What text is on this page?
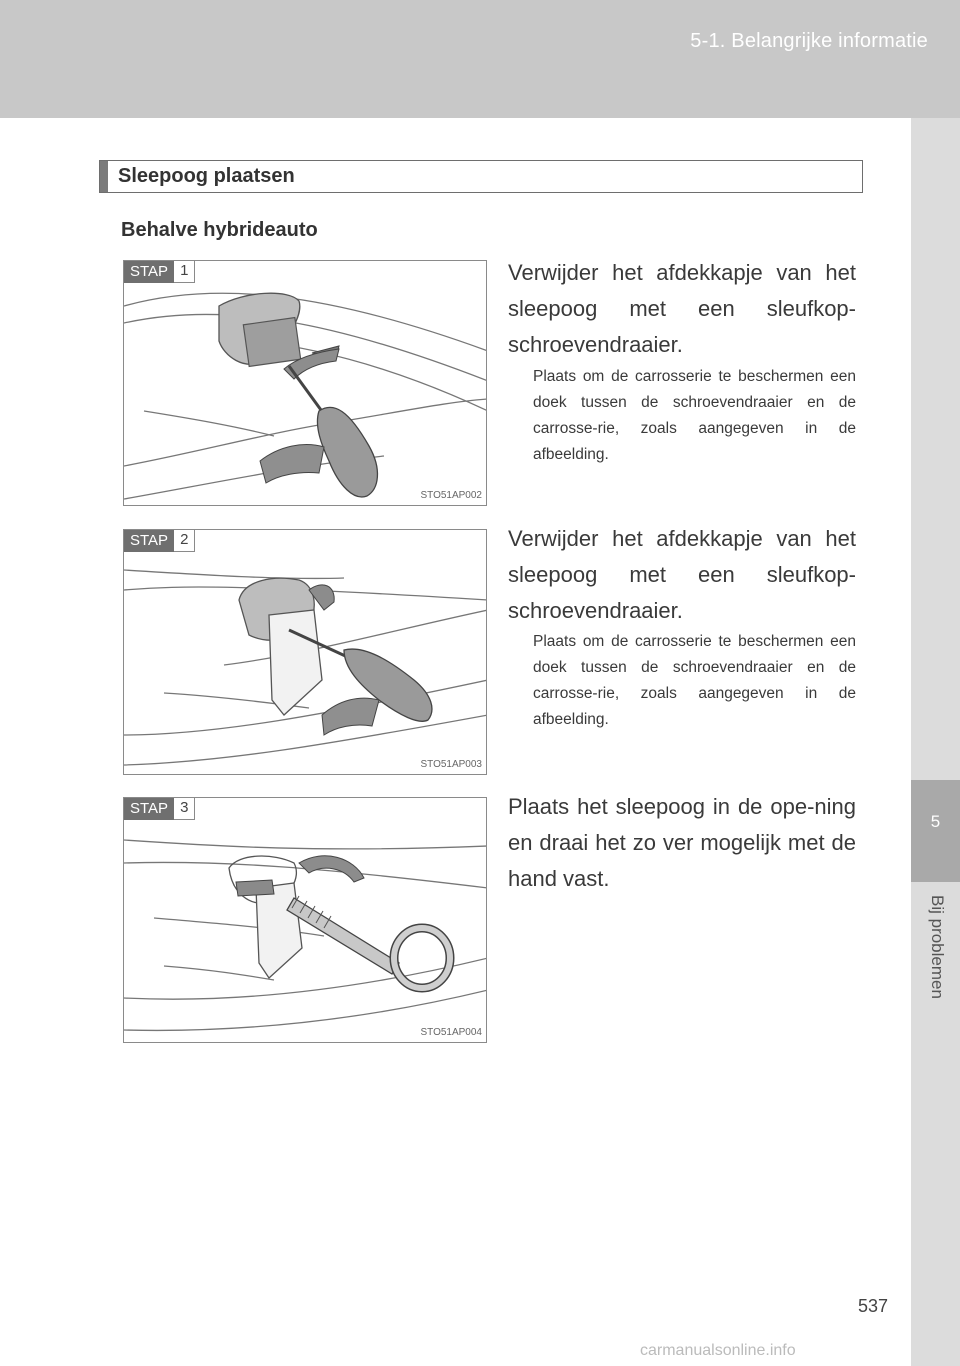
5-1. Belangrijke informatie
5
Bij problemen
Sleepoog plaatsen
Behalve hybrideauto
STAP 1
STO51AP002
Verwijder het afdekkapje van het sleepoog met een sleufkop-schroevendraaier.
Plaats om de carrosserie te beschermen een doek tussen de schroevendraaier en de carrosse-rie, zoals aangegeven in de afbeelding.
STAP 2
STO51AP003
Verwijder het afdekkapje van het sleepoog met een sleufkop-schroevendraaier.
Plaats om de carrosserie te beschermen een doek tussen de schroevendraaier en de carrosse-rie, zoals aangegeven in de afbeelding.
STAP 3
STO51AP004
Plaats het sleepoog in de ope-ning en draai het zo ver mogelijk met de hand vast.
537
carmanualsonline.info
